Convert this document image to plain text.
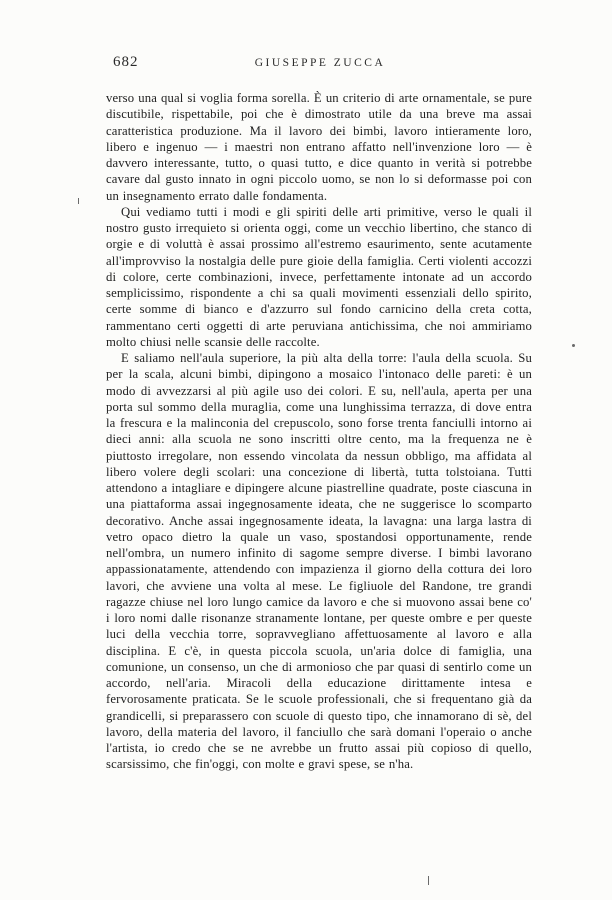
682	GIUSEPPE ZUCCA

verso una qual si voglia forma sorella. È un criterio di arte ornamentale, se pure discutibile, rispettabile, poi che è dimostrato utile da una breve ma assai caratteristica produzione. Ma il lavoro dei bimbi, lavoro intieramente loro, libero e ingenuo — i maestri non entrano affatto nell'invenzione loro — è davvero interessante, tutto, o quasi tutto, e dice quanto in verità si potrebbe cavare dal gusto innato in ogni piccolo uomo, se non lo si deformasse poi con un insegnamento errato dalle fondamenta.

Qui vediamo tutti i modi e gli spiriti delle arti primitive, verso le quali il nostro gusto irrequieto si orienta oggi, come un vecchio libertino, che stanco di orgie e di voluttà è assai prossimo all'estremo esaurimento, sente acutamente all'improvviso la nostalgia delle pure gioie della famiglia. Certi violenti accozzi di colore, certe combinazioni, invece, perfettamente intonate ad un accordo semplicissimo, rispondente a chi sa quali movimenti essenziali dello spirito, certe somme di bianco e d'azzurro sul fondo carnicino della creta cotta, rammentano certi oggetti di arte peruviana antichissima, che noi ammiriamo molto chiusi nelle scansie delle raccolte.

E saliamo nell'aula superiore, la più alta della torre: l'aula della scuola. Su per la scala, alcuni bimbi, dipingono a mosaico l'intonaco delle pareti: è un modo di avvezzarsi al più agile uso dei colori. E su, nell'aula, aperta per una porta sul sommo della muraglia, come una lunghissima terrazza, di dove entra la frescura e la malinconia del crepuscolo, sono forse trenta fanciulli intorno ai dieci anni: alla scuola ne sono inscritti oltre cento, ma la frequenza ne è piuttosto irregolare, non essendo vincolata da nessun obbligo, ma affidata al libero volere degli scolari: una concezione di libertà, tutta tolstoiana. Tutti attendono a intagliare e dipingere alcune piastrelline quadrate, poste ciascuna in una piattaforma assai ingegnosamente ideata, che ne suggerisce lo scomparto decorativo. Anche assai ingegnosamente ideata, la lavagna: una larga lastra di vetro opaco dietro la quale un vaso, spostandosi opportunamente, rende nell'ombra, un numero infinito di sagome sempre diverse. I bimbi lavorano appassionatamente, attendendo con impazienza il giorno della cottura dei loro lavori, che avviene una volta al mese. Le figliuole del Randone, tre grandi ragazze chiuse nel loro lungo camice da lavoro e che si muovono assai bene co' i loro nomi dalle risonanze stranamente lontane, per queste ombre e per queste luci della vecchia torre, sopravvegliano affettuosamente al lavoro e alla disciplina. E c'è, in questa piccola scuola, un'aria dolce di famiglia, una comunione, un consenso, un che di armonioso che par quasi di sentirlo come un accordo, nell'aria. Miracoli della educazione dirittamente intesa e fervorosamente praticata. Se le scuole professionali, che si frequentano già da grandicelli, si preparassero con scuole di questo tipo, che innamorano di sè, del lavoro, della materia del lavoro, il fanciullo che sarà domani l'operaio o anche l'artista, io credo che se ne avrebbe un frutto assai più copioso di quello, scarsissimo, che fin'oggi, con molte e gravi spese, se n'ha.
